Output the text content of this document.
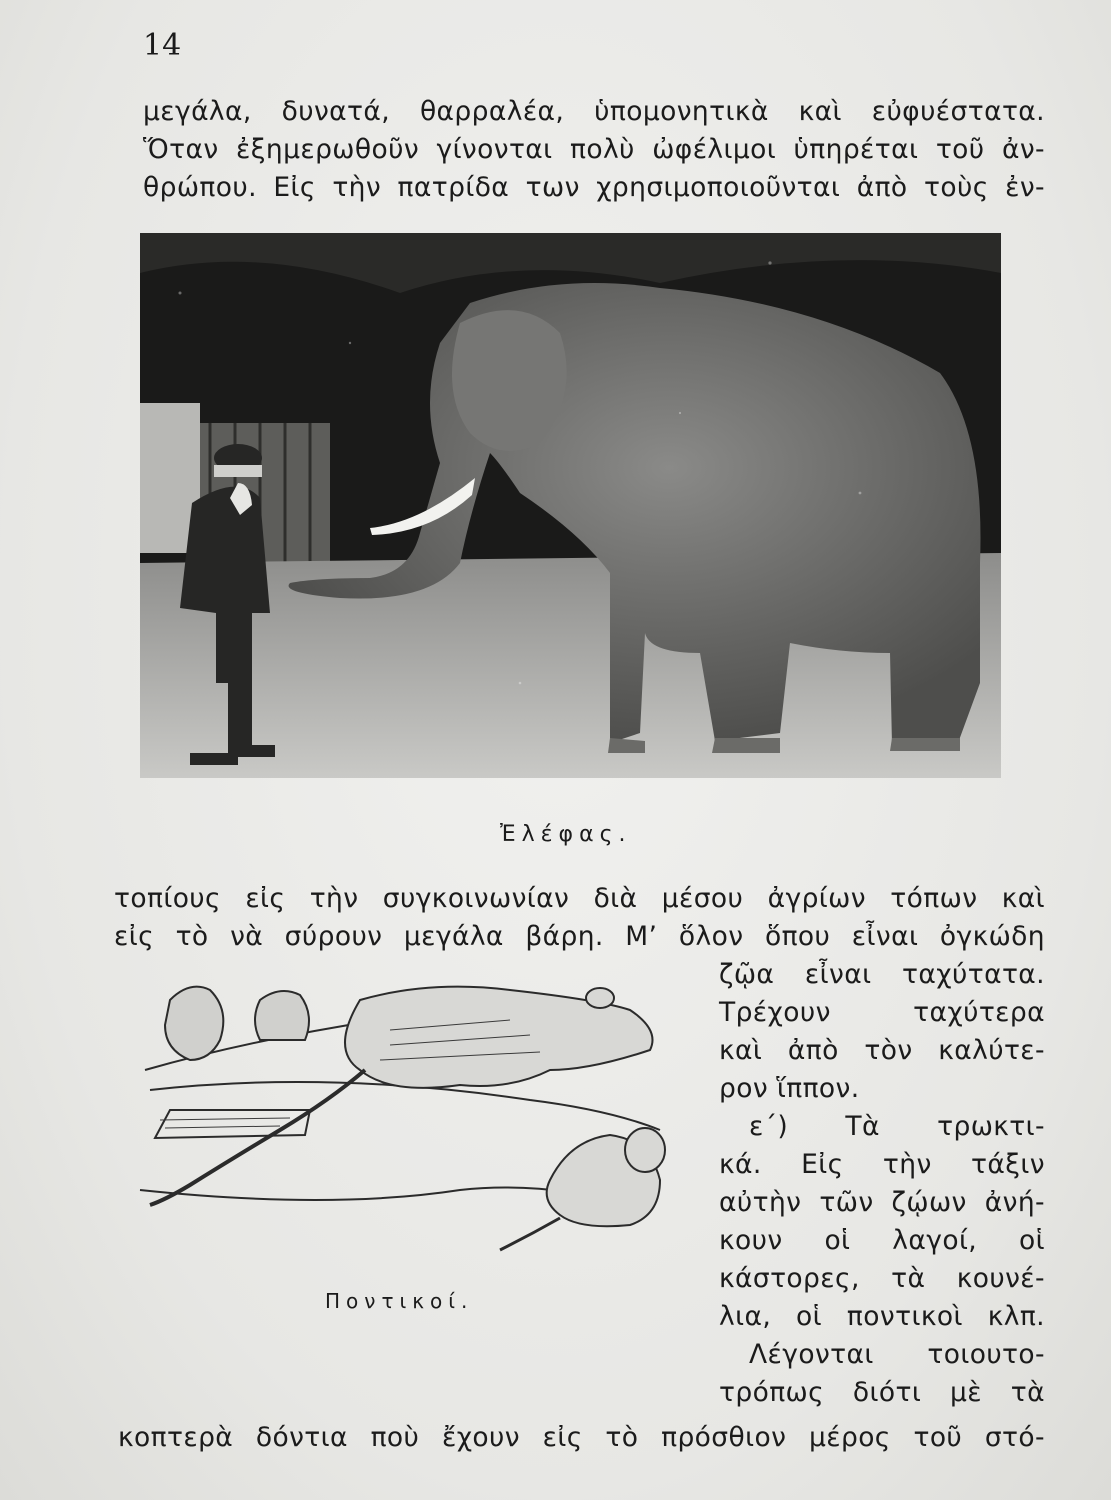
14
μεγάλα, δυνατά, θαρραλέα, ὑπομονητικὰ καὶ εὐφυέστατα.
Ὅταν ἐξημερωθοῦν γίνονται πολὺ ὠφέλιμοι ὑπηρέται τοῦ ἀν-
θρώπου. Εἰς τὴν πατρίδα των χρησιμοποιοῦνται ἀπὸ τοὺς ἐν-
Ἐλέφας.
τοπίους εἰς τὴν συγκοινωνίαν διὰ μέσου ἀγρίων τόπων καὶ
εἰς τὸ νὰ σύρουν μεγάλα βάρη. Μ’ ὅλον ὅπου εἶναι ὀγκώδη
ζῷα εἶναι ταχύτατα.
Τρέχουν ταχύτερα
καὶ ἀπὸ τὸν καλύτε-
ρον ἵππον.
ε΄) Τὰ τρωκτι-
κά. Εἰς τὴν τάξιν
αὐτὴν τῶν ζῴων ἀνή-
κουν οἱ λαγοί, οἱ
κάστορες, τὰ κουνέ-
λια, οἱ ποντικοὶ κλπ.
Λέγονται τοιουτο-
τρόπως διότι μὲ τὰ
Ποντικοί.
κοπτερὰ δόντια ποὺ ἔχουν εἰς τὸ πρόσθιον μέρος τοῦ στό-
